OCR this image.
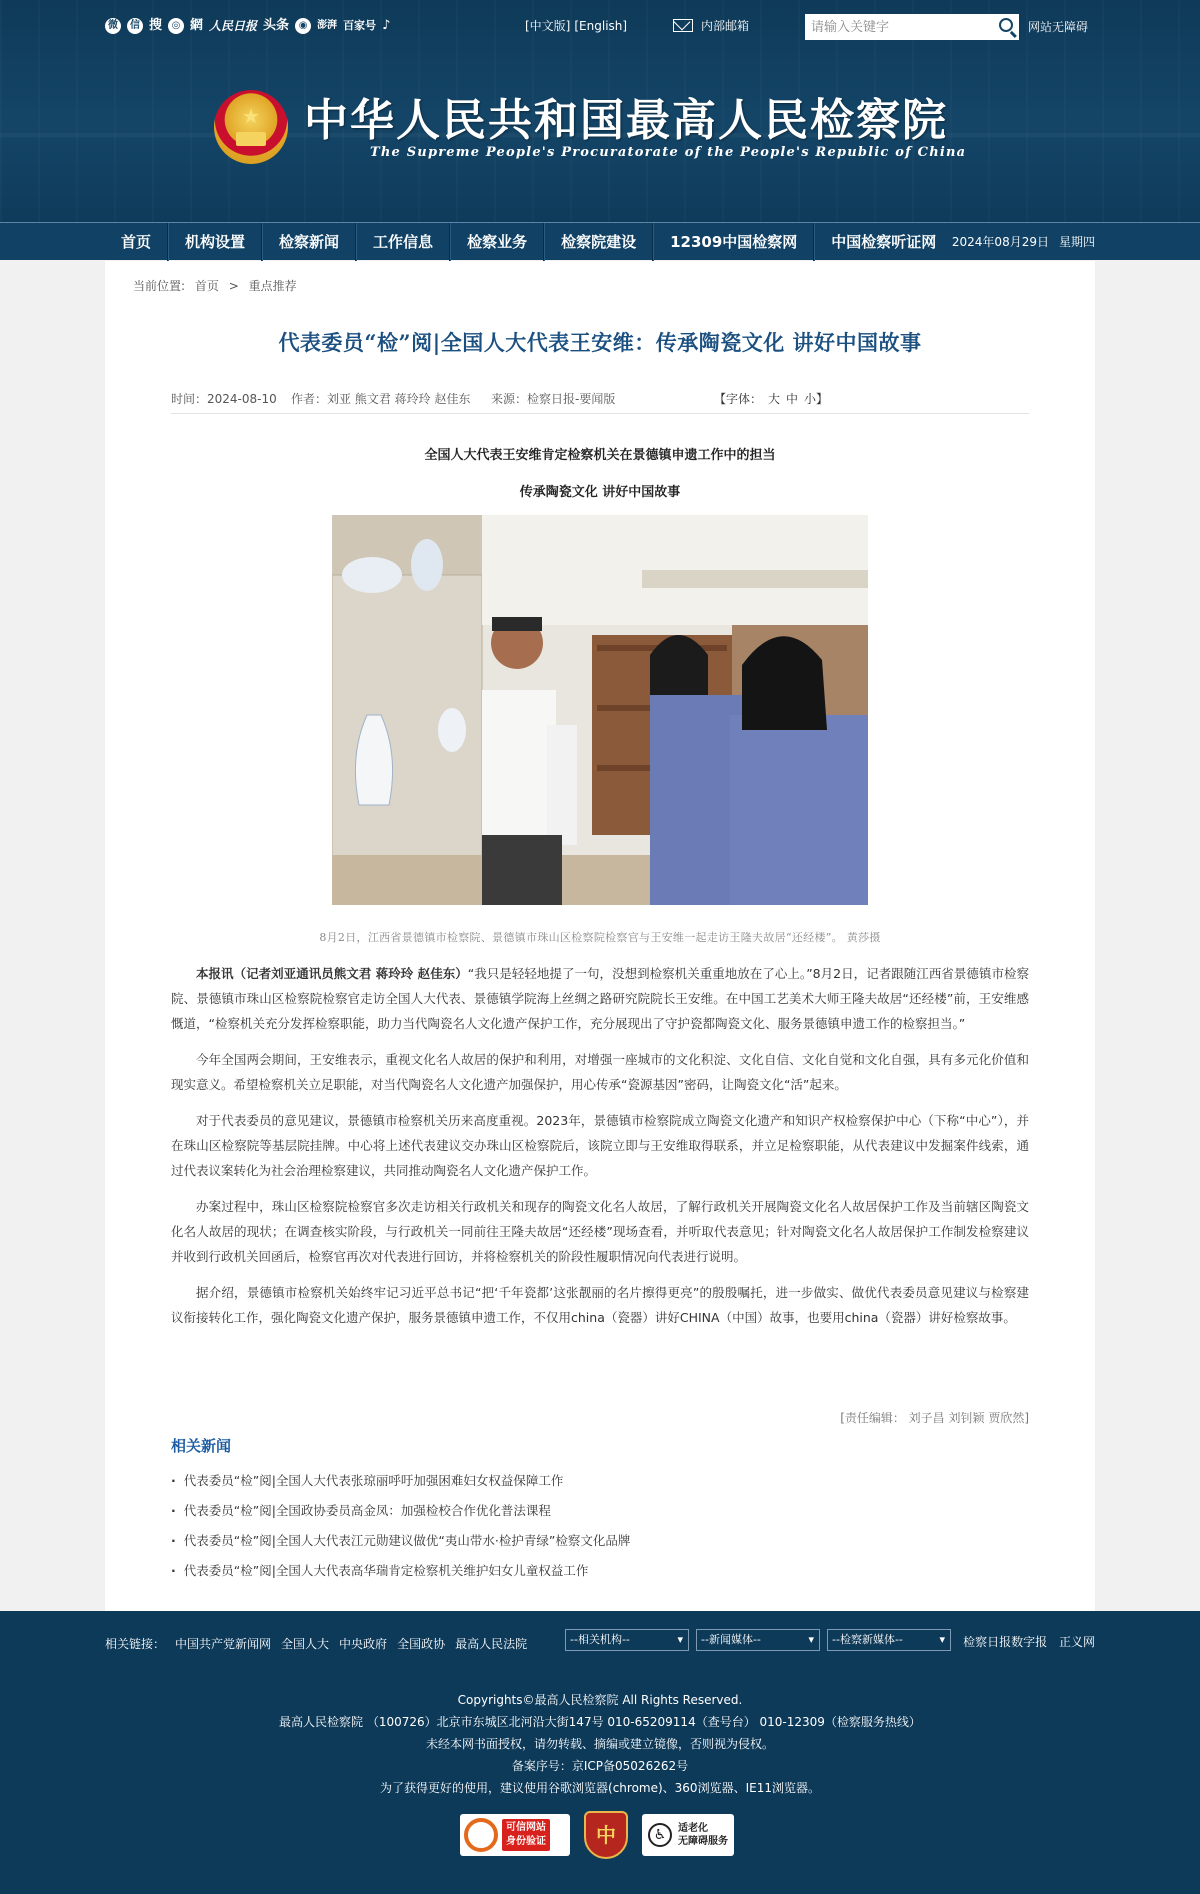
微	信 搜 ◎ 網 人民日报 头条 ◉ 澎湃 百家号 ♪	[中文版] [English]	内部邮箱
请输入关键字	网站无障碍
★
中华人民共和国最高人民检察院
The Supreme People's Procuratorate of the People's Republic of China
首页	机构设置	检察新闻	工作信息	检察业务	检察院建设	12309中国检察网	中国检察听证网	2024年08月29日 星期四
当前位置: 首页 > 重点推荐
代表委员“检”阅|全国人大代表王安维：传承陶瓷文化 讲好中国故事
时间：2024-08-10 作者：刘亚 熊文君 蒋玲玲 赵佳东 来源：检察日报-要闻版	【字体： 大 中 小】
全国人大代表王安维肯定检察机关在景德镇申遗工作中的担当
传承陶瓷文化 讲好中国故事
8月2日，江西省景德镇市检察院、景德镇市珠山区检察院检察官与王安维一起走访王隆夫故居“还经楼”。 黄莎摄

本报讯（记者刘亚通讯员熊文君 蒋玲玲 赵佳东）“我只是轻轻地提了一句，没想到检察机关重重地放在了心上。”8月2日，记者跟随江西省景德镇市检察院、景德镇市珠山区检察院检察官走访全国人大代表、景德镇学院海上丝绸之路研究院院长王安维。在中国工艺美术大师王隆夫故居“还经楼”前，王安维感慨道，“检察机关充分发挥检察职能，助力当代陶瓷名人文化遗产保护工作，充分展现出了守护瓷都陶瓷文化、服务景德镇申遗工作的检察担当。”

今年全国两会期间，王安维表示，重视文化名人故居的保护和利用，对增强一座城市的文化积淀、文化自信、文化自觉和文化自强，具有多元化价值和现实意义。希望检察机关立足职能，对当代陶瓷名人文化遗产加强保护，用心传承“瓷源基因”密码，让陶瓷文化“活”起来。

对于代表委员的意见建议，景德镇市检察机关历来高度重视。2023年，景德镇市检察院成立陶瓷文化遗产和知识产权检察保护中心（下称“中心”），并在珠山区检察院等基层院挂牌。中心将上述代表建议交办珠山区检察院后，该院立即与王安维取得联系，并立足检察职能，从代表建议中发掘案件线索，通过代表议案转化为社会治理检察建议，共同推动陶瓷名人文化遗产保护工作。

办案过程中，珠山区检察院检察官多次走访相关行政机关和现存的陶瓷文化名人故居，了解行政机关开展陶瓷文化名人故居保护工作及当前辖区陶瓷文化名人故居的现状；在调查核实阶段，与行政机关一同前往王隆夫故居“还经楼”现场查看，并听取代表意见；针对陶瓷文化名人故居保护工作制发检察建议并收到行政机关回函后，检察官再次对代表进行回访，并将检察机关的阶段性履职情况向代表进行说明。

据介绍，景德镇市检察机关始终牢记习近平总书记“把‘千年瓷都’这张靓丽的名片擦得更亮”的殷殷嘱托，进一步做实、做优代表委员意见建议与检察建议衔接转化工作，强化陶瓷文化遗产保护，服务景德镇申遗工作，不仅用china（瓷器）讲好CHINA（中国）故事，也要用china（瓷器）讲好检察故事。

[责任编辑： 刘子昌 刘钊颖 贾欣然]
相关新闻
· 代表委员“检”阅|全国人大代表张琼丽呼吁加强困难妇女权益保障工作
· 代表委员“检”阅|全国政协委员高金凤：加强检校合作优化普法课程
· 代表委员“检”阅|全国人大代表江元勋建议做优“夷山带水·检护青绿”检察文化品牌
· 代表委员“检”阅|全国人大代表高华瑞肯定检察机关维护妇女儿童权益工作
相关链接： 中国共产党新闻网 全国人大 中央政府 全国政协 最高人民法院	--相关机构-- ▾	--新闻媒体-- ▾	--检察新媒体-- ▾	检察日报数字报 正义网
Copyrights©最高人民检察院 All Rights Reserved.
最高人民检察院 （100726）北京市东城区北河沿大街147号 010-65209114（查号台） 010-12309（检察服务热线）
未经本网书面授权，请勿转载、摘编或建立镜像，否则视为侵权。
备案序号：京ICP备05026262号
为了获得更好的使用，建议使用谷歌浏览器(chrome)、360浏览器、IE11浏览器。
可信网站
身份验证	中	♿	适老化
无障碍服务
